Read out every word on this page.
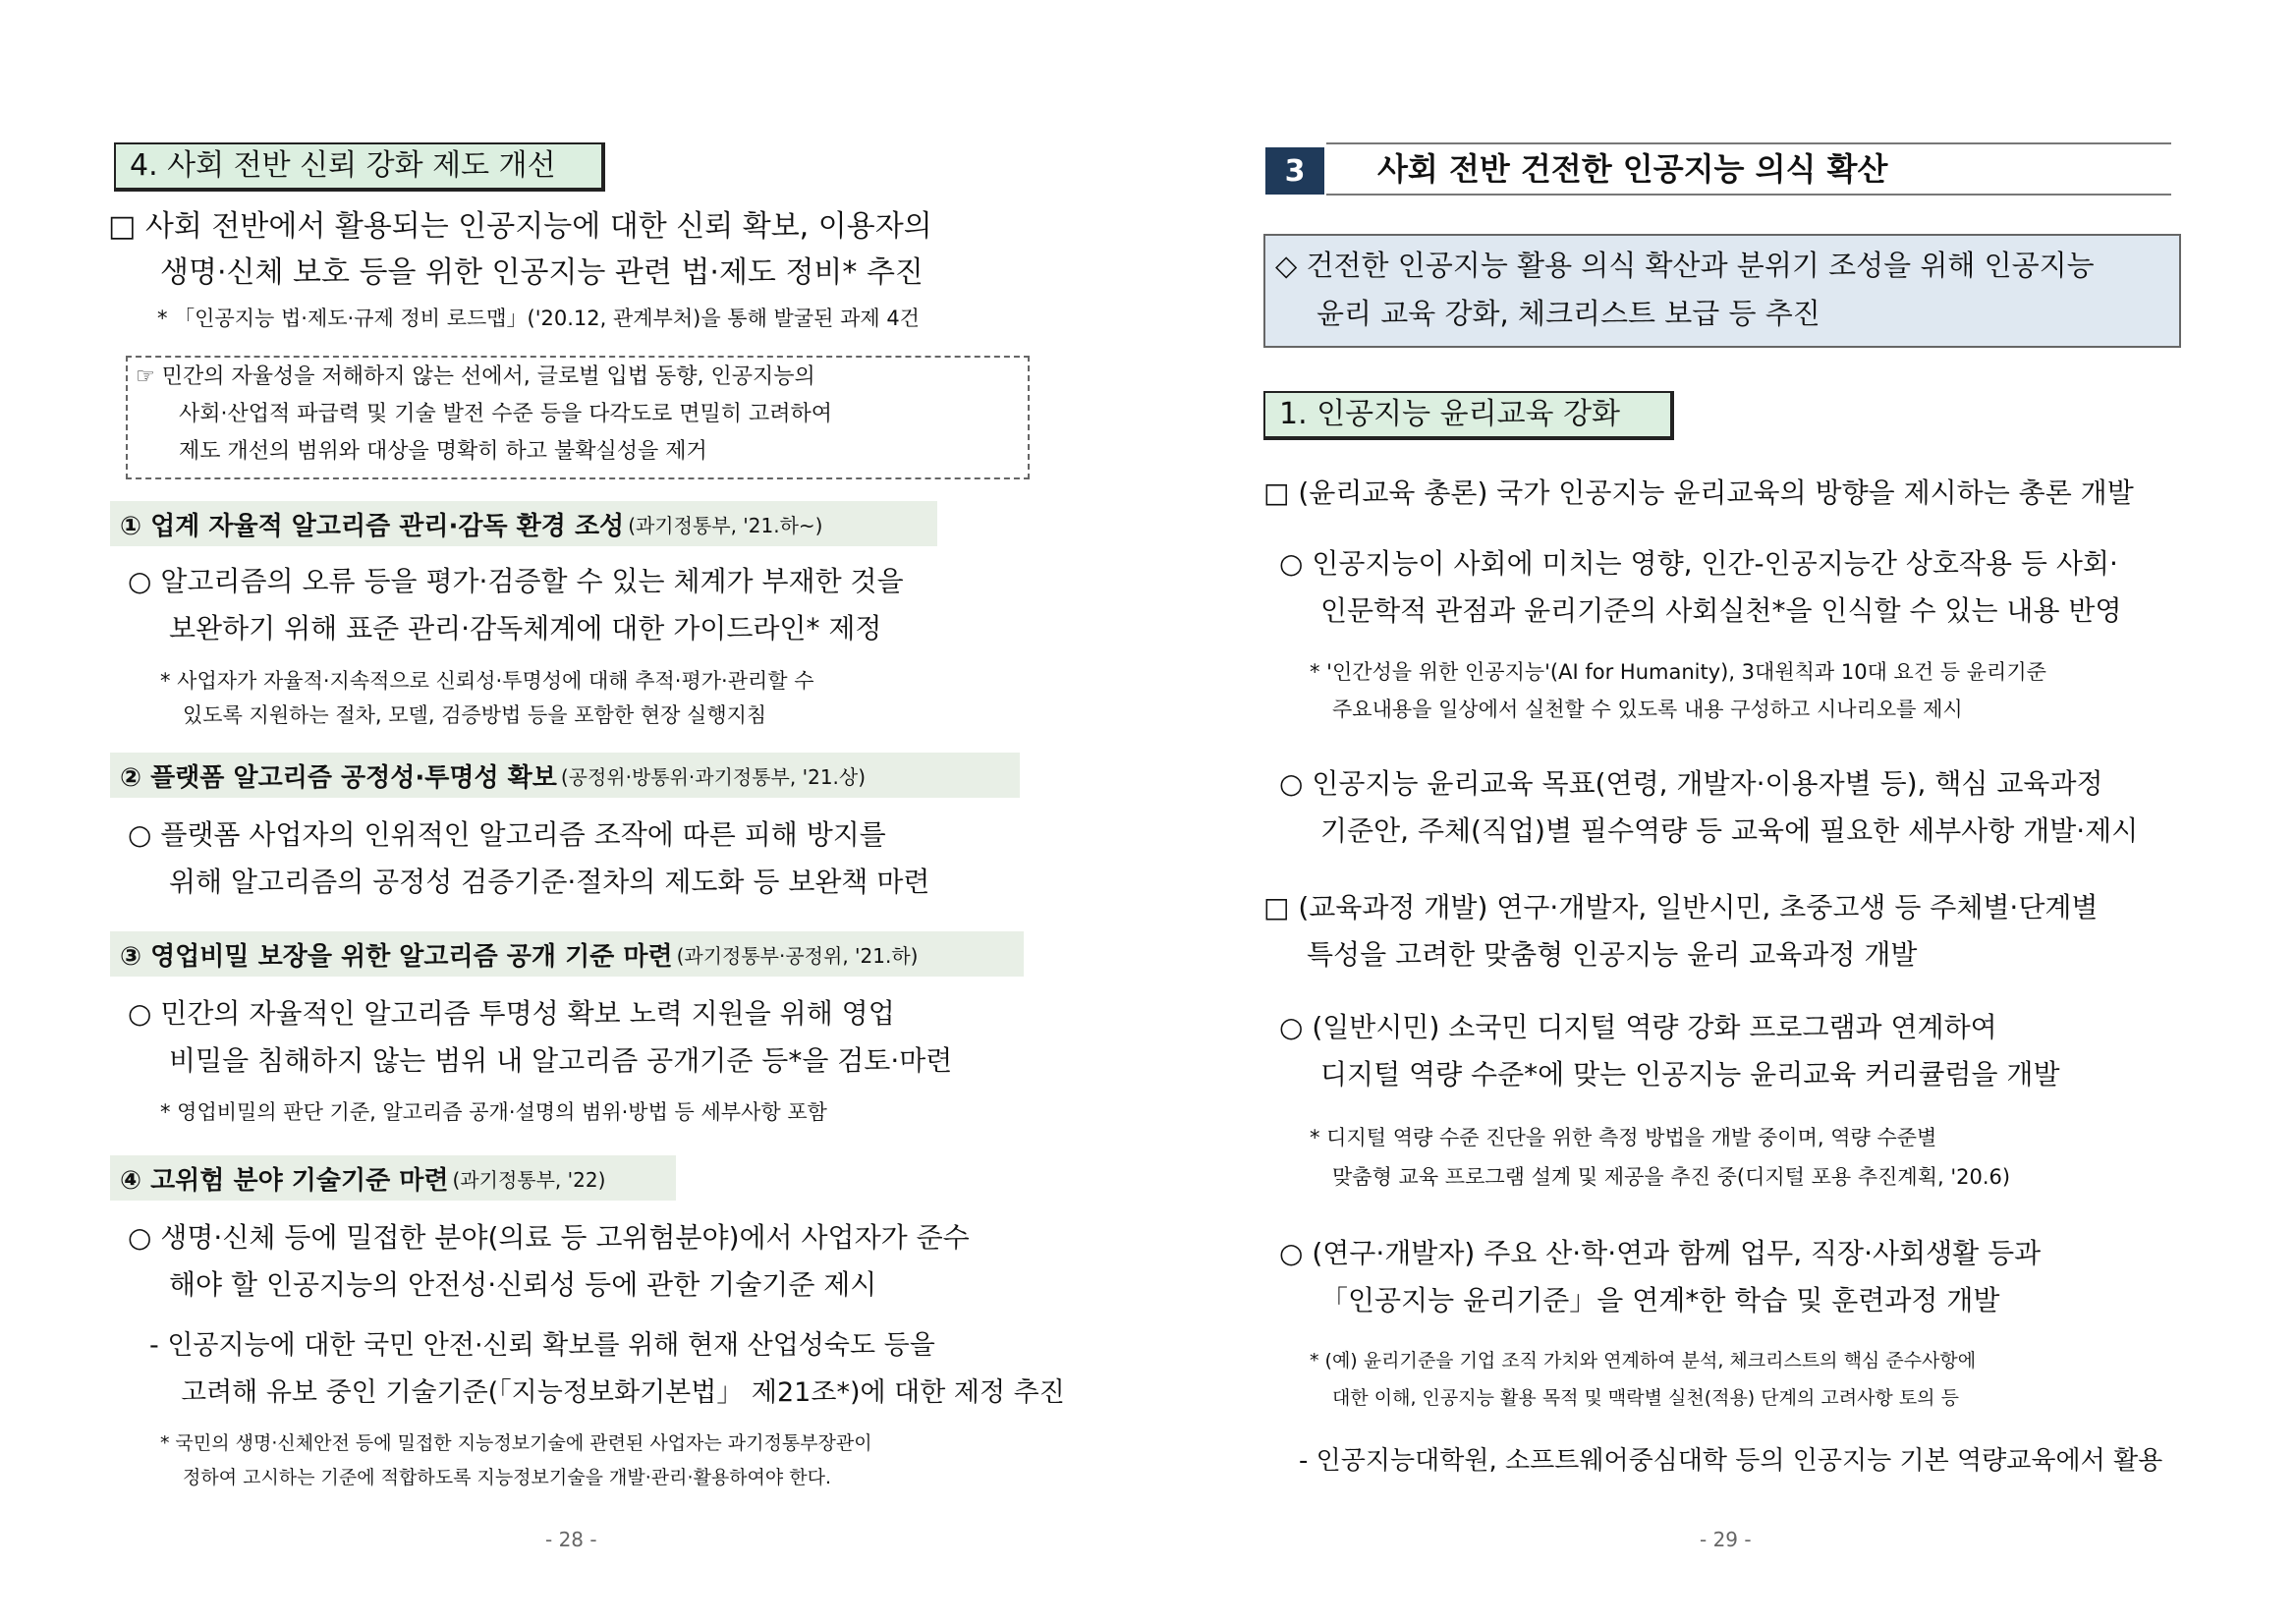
4. 사회 전반 신뢰 강화 제도 개선
□ 사회 전반에서 활용되는 인공지능에 대한 신뢰 확보, 이용자의
생명·신체 보호 등을 위한 인공지능 관련 법·제도 정비* 추진
* 「인공지능 법·제도·규제 정비 로드맵」('20.12, 관계부처)을 통해 발굴된 과제 4건
☞ 민간의 자율성을 저해하지 않는 선에서, 글로벌 입법 동향, 인공지능의
사회·산업적 파급력 및 기술 발전 수준 등을 다각도로 면밀히 고려하여
제도 개선의 범위와 대상을 명확히 하고 불확실성을 제거
① 업계 자율적 알고리즘 관리·감독 환경 조성 (과기정통부, '21.하~)
○ 알고리즘의 오류 등을 평가·검증할 수 있는 체계가 부재한 것을
보완하기 위해 표준 관리·감독체계에 대한 가이드라인* 제정
* 사업자가 자율적·지속적으로 신뢰성·투명성에 대해 추적·평가·관리할 수
있도록 지원하는 절차, 모델, 검증방법 등을 포함한 현장 실행지침
② 플랫폼 알고리즘 공정성·투명성 확보 (공정위·방통위·과기정통부, '21.상)
○ 플랫폼 사업자의 인위적인 알고리즘 조작에 따른 피해 방지를
위해 알고리즘의 공정성 검증기준·절차의 제도화 등 보완책 마련
③ 영업비밀 보장을 위한 알고리즘 공개 기준 마련 (과기정통부·공정위, '21.하)
○ 민간의 자율적인 알고리즘 투명성 확보 노력 지원을 위해 영업
비밀을 침해하지 않는 범위 내 알고리즘 공개기준 등*을 검토·마련
* 영업비밀의 판단 기준, 알고리즘 공개·설명의 범위·방법 등 세부사항 포함
④ 고위험 분야 기술기준 마련 (과기정통부, '22)
○ 생명·신체 등에 밀접한 분야(의료 등 고위험분야)에서 사업자가 준수
해야 할 인공지능의 안전성·신뢰성 등에 관한 기술기준 제시
- 인공지능에 대한 국민 안전·신뢰 확보를 위해 현재 산업성숙도 등을
고려해 유보 중인 기술기준(「지능정보화기본법」 제21조*)에 대한 제정 추진
* 국민의 생명·신체안전 등에 밀접한 지능정보기술에 관련된 사업자는 과기정통부장관이
정하여 고시하는 기준에 적합하도록 지능정보기술을 개발·관리·활용하여야 한다.
- 28 -
3 사회 전반 건전한 인공지능 의식 확산
◇ 건전한 인공지능 활용 의식 확산과 분위기 조성을 위해 인공지능
윤리 교육 강화, 체크리스트 보급 등 추진
1. 인공지능 윤리교육 강화
□ (윤리교육 총론) 국가 인공지능 윤리교육의 방향을 제시하는 총론 개발
○ 인공지능이 사회에 미치는 영향, 인간-인공지능간 상호작용 등 사회·
인문학적 관점과 윤리기준의 사회실천*을 인식할 수 있는 내용 반영
* '인간성을 위한 인공지능'(AI for Humanity), 3대원칙과 10대 요건 등 윤리기준
주요내용을 일상에서 실천할 수 있도록 내용 구성하고 시나리오를 제시
○ 인공지능 윤리교육 목표(연령, 개발자·이용자별 등), 핵심 교육과정
기준안, 주체(직업)별 필수역량 등 교육에 필요한 세부사항 개발·제시
□ (교육과정 개발) 연구·개발자, 일반시민, 초중고생 등 주체별·단계별
특성을 고려한 맞춤형 인공지능 윤리 교육과정 개발
○ (일반시민) 소국민 디지털 역량 강화 프로그램과 연계하여
디지털 역량 수준*에 맞는 인공지능 윤리교육 커리큘럼을 개발
* 디지털 역량 수준 진단을 위한 측정 방법을 개발 중이며, 역량 수준별
맞춤형 교육 프로그램 설계 및 제공을 추진 중(디지털 포용 추진계획, '20.6)
○ (연구·개발자) 주요 산·학·연과 함께 업무, 직장·사회생활 등과
「인공지능 윤리기준」을 연계*한 학습 및 훈련과정 개발
* (예) 윤리기준을 기업 조직 가치와 연계하여 분석, 체크리스트의 핵심 준수사항에
대한 이해, 인공지능 활용 목적 및 맥락별 실천(적용) 단계의 고려사항 토의 등
- 인공지능대학원, 소프트웨어중심대학 등의 인공지능 기본 역량교육에서 활용
- 29 -
